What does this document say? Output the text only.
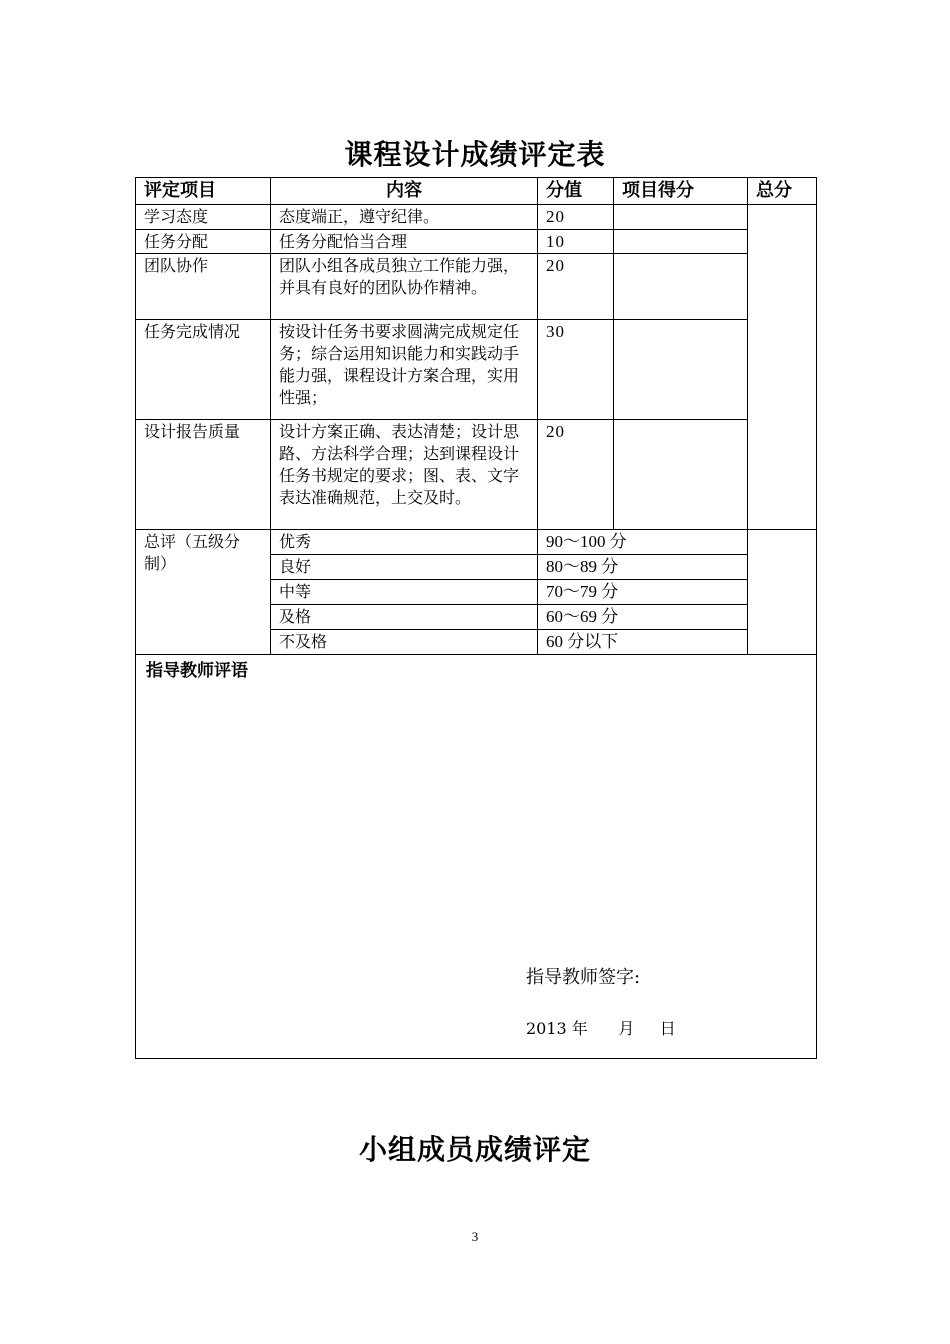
课程设计成绩评定表
评定项目	内容	分值	项目得分	总分
学习态度	态度端正，遵守纪律。	20		
任务分配	任务分配恰当合理	10		
团队协作	团队小组各成员独立工作能力强，并具有良好的团队协作精神。	20		
任务完成情况	按设计任务书要求圆满完成规定任务；综合运用知识能力和实践动手能力强，课程设计方案合理，实用性强；	30		
设计报告质量	设计方案正确、表达清楚；设计思路、方法科学合理；达到课程设计任务书规定的要求；图、表、文字表达准确规范，上交及时。	20		
总评（五级分制）	优秀	90～100 分		
	良好	80～89 分		
	中等	70～79 分		
	及格	60～69 分		
	不及格	60 分以下		

指导教师评语
指导教师签字:
2013 年      月     日				
小组成员成绩评定
3
